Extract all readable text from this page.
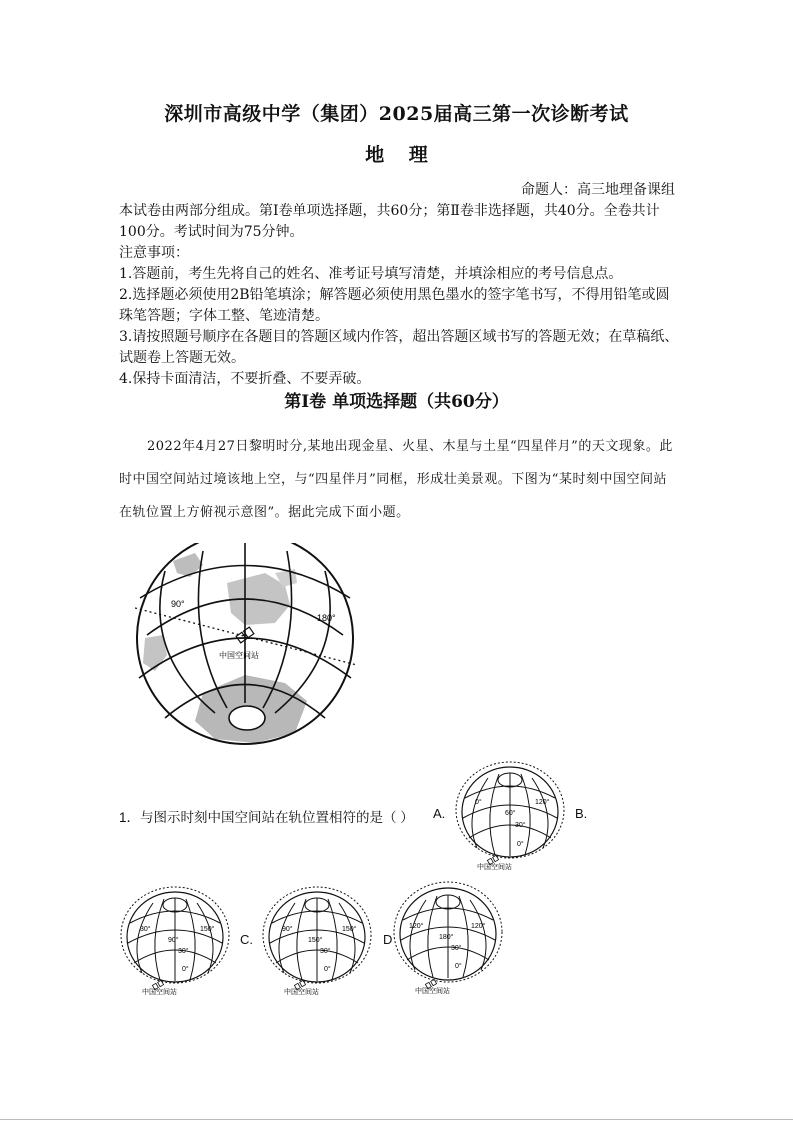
深圳市高级中学（集团）2025届高三第一次诊断考试
地 理
命题人：高三地理备课组
本试卷由两部分组成。第Ⅰ卷单项选择题，共60分；第Ⅱ卷非选择题，共40分。全卷共计100分。考试时间为75分钟。
注意事项：
1.答题前，考生先将自己的姓名、准考证号填写清楚，并填涂相应的考号信息点。
2.选择题必须使用2B铅笔填涂；解答题必须使用黑色墨水的签字笔书写，不得用铅笔或圆珠笔答题；字体工整、笔迹清楚。
3.请按照题号顺序在各题目的答题区域内作答，超出答题区域书写的答题无效；在草稿纸、试题卷上答题无效。
4.保持卡面清洁，不要折叠、不要弄破。
第Ⅰ卷 单项选择题（共60分）
2022年4月27日黎明时分,某地出现金星、火星、木星与土星“四星伴月”的天文现象。此时中国空间站过境该地上空，与“四星伴月”同框，形成壮美景观。下图为“某时刻中国空间站在轨位置上方俯视示意图”。据此完成下面小题。
90°
180°
中国空间站
1．与图示时刻中国空间站在轨位置相符的是（ ）
0°	120°
60°
30°
0°
中国空间站
A.	B.
30°	150°
90°
30°
0°
中国空间站
90°	150°
150°
30°
0°
中国空间站
C.
120°	120°
180°
30°
0°
中国空间站
D
